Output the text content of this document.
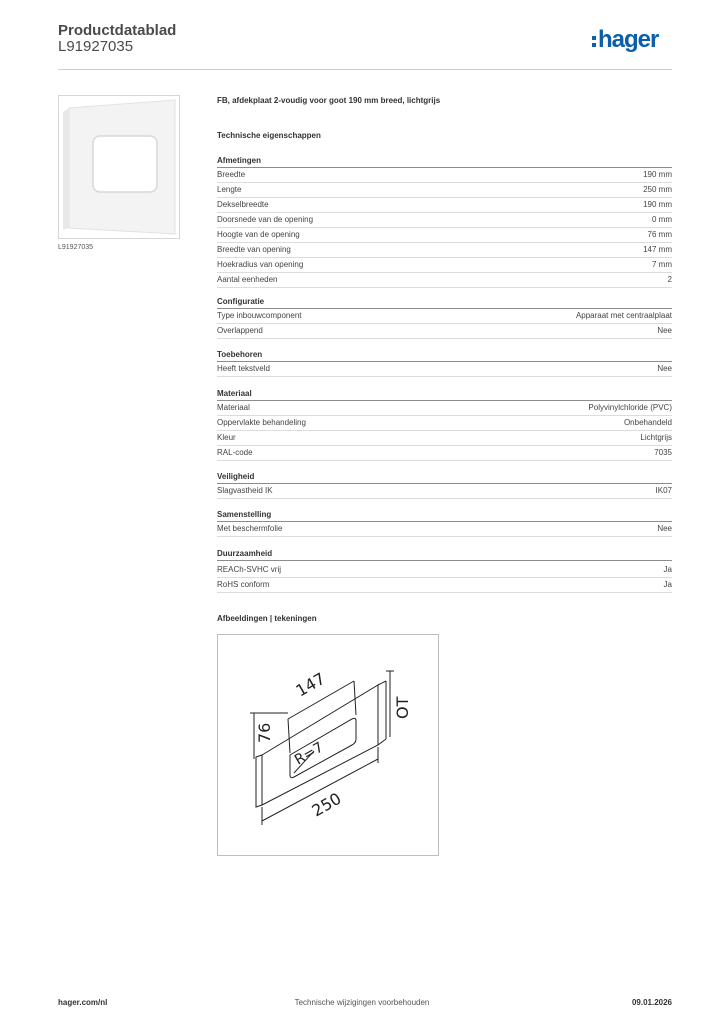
Productdatablad
L91927035	hager
L91927035
FB, afdekplaat 2-voudig voor goot 190 mm breed, lichtgrijs
Technische eigenschappen
Afmetingen
Breedte	190 mm
Lengte	250 mm
Dekselbreedte	190 mm
Doorsnede van de opening	0 mm
Hoogte van de opening	76 mm
Breedte van opening	147 mm
Hoekradius van opening	7 mm
Aantal eenheden	2
Configuratie
Type inbouwcomponent	Apparaat met centraalplaat
Overlappend	Nee
Toebehoren
Heeft tekstveld	Nee
Materiaal
Materiaal	Polyvinylchloride (PVC)
Oppervlakte behandeling	Onbehandeld
Kleur	Lichtgrijs
RAL-code	7035
Veiligheid
Slagvastheid IK	IK07
Samenstelling
Met beschermfolie	Nee
Duurzaamheid
REACh-SVHC vrij	Ja
RoHS conform	Ja
Afbeeldingen | tekeningen
147
76
R=7
250
OT
hager.com/nl	Technische wijzigingen voorbehouden	09.01.2026
